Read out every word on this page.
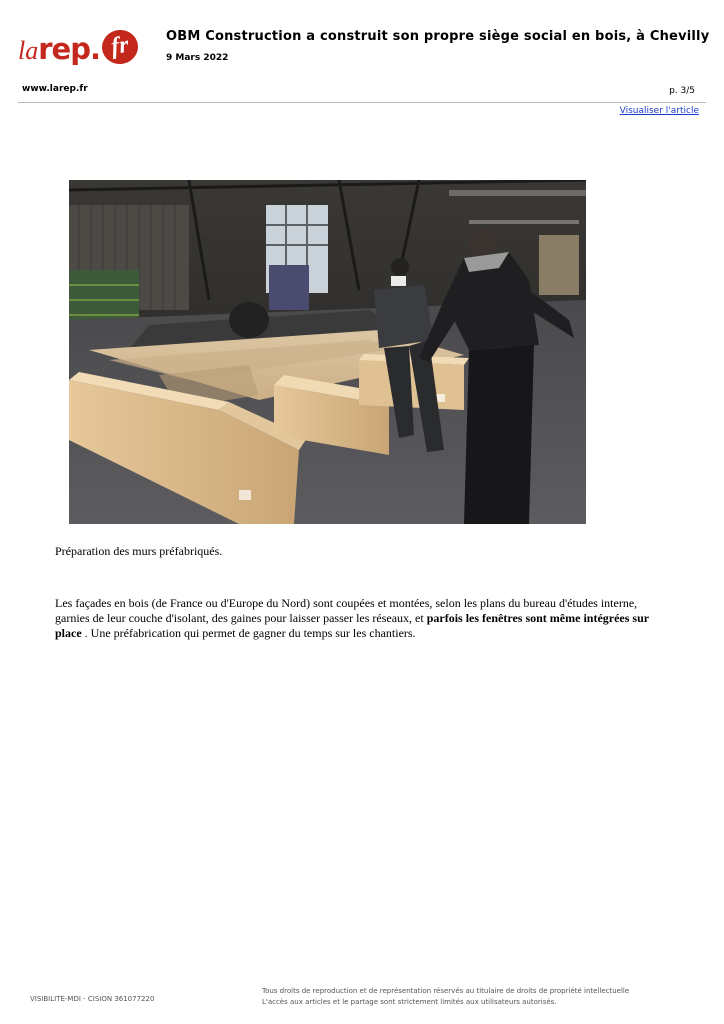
la rep . fr	OBM Construction a construit son propre siège social en bois, à Chevilly
9 Mars 2022
www.larep.fr	p. 3/5
Visualiser l'article
Préparation des murs préfabriqués.
Les façades en bois (de France ou d'Europe du Nord) sont coupées et montées, selon les plans du bureau d'études interne, garnies de leur couche d'isolant, des gaines pour laisser passer les réseaux, et parfois les fenêtres sont même intégrées sur place . Une préfabrication qui permet de gagner du temps sur les chantiers.
VISIBILITE-MDI - CISION 361077220
Tous droits de reproduction et de représentation réservés au titulaire de droits de propriété intellectuelle
L'accès aux articles et le partage sont strictement limités aux utilisateurs autorisés.
